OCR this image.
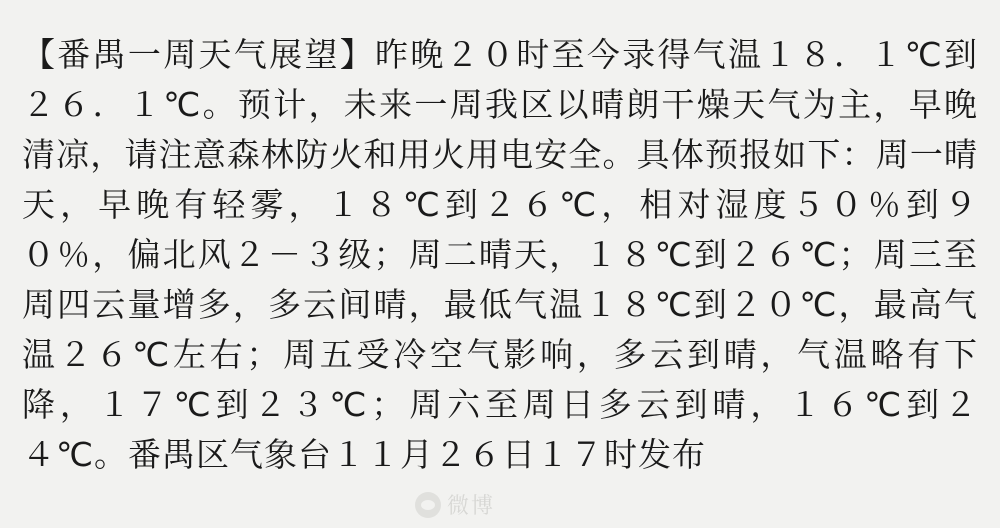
【番禺一周天气展望】昨晚２０时至今录得气温１８．１℃到２６．１℃。预计，未来一周我区以晴朗干燥天气为主，早晚清凉，请注意森林防火和用火用电安全。具体预报如下：周一晴天，早晚有轻雾，１８℃到２６℃，相对湿度５０％到９０％，偏北风２－３级；周二晴天，１８℃到２６℃；周三至周四云量增多，多云间晴，最低气温１８℃到２０℃，最高气温２６℃左右；周五受冷空气影响，多云到晴，气温略有下降，１７℃到２３℃；周六至周日多云到晴，１６℃到２４℃。番禺区气象台１１月２６日１７时发布
微博
